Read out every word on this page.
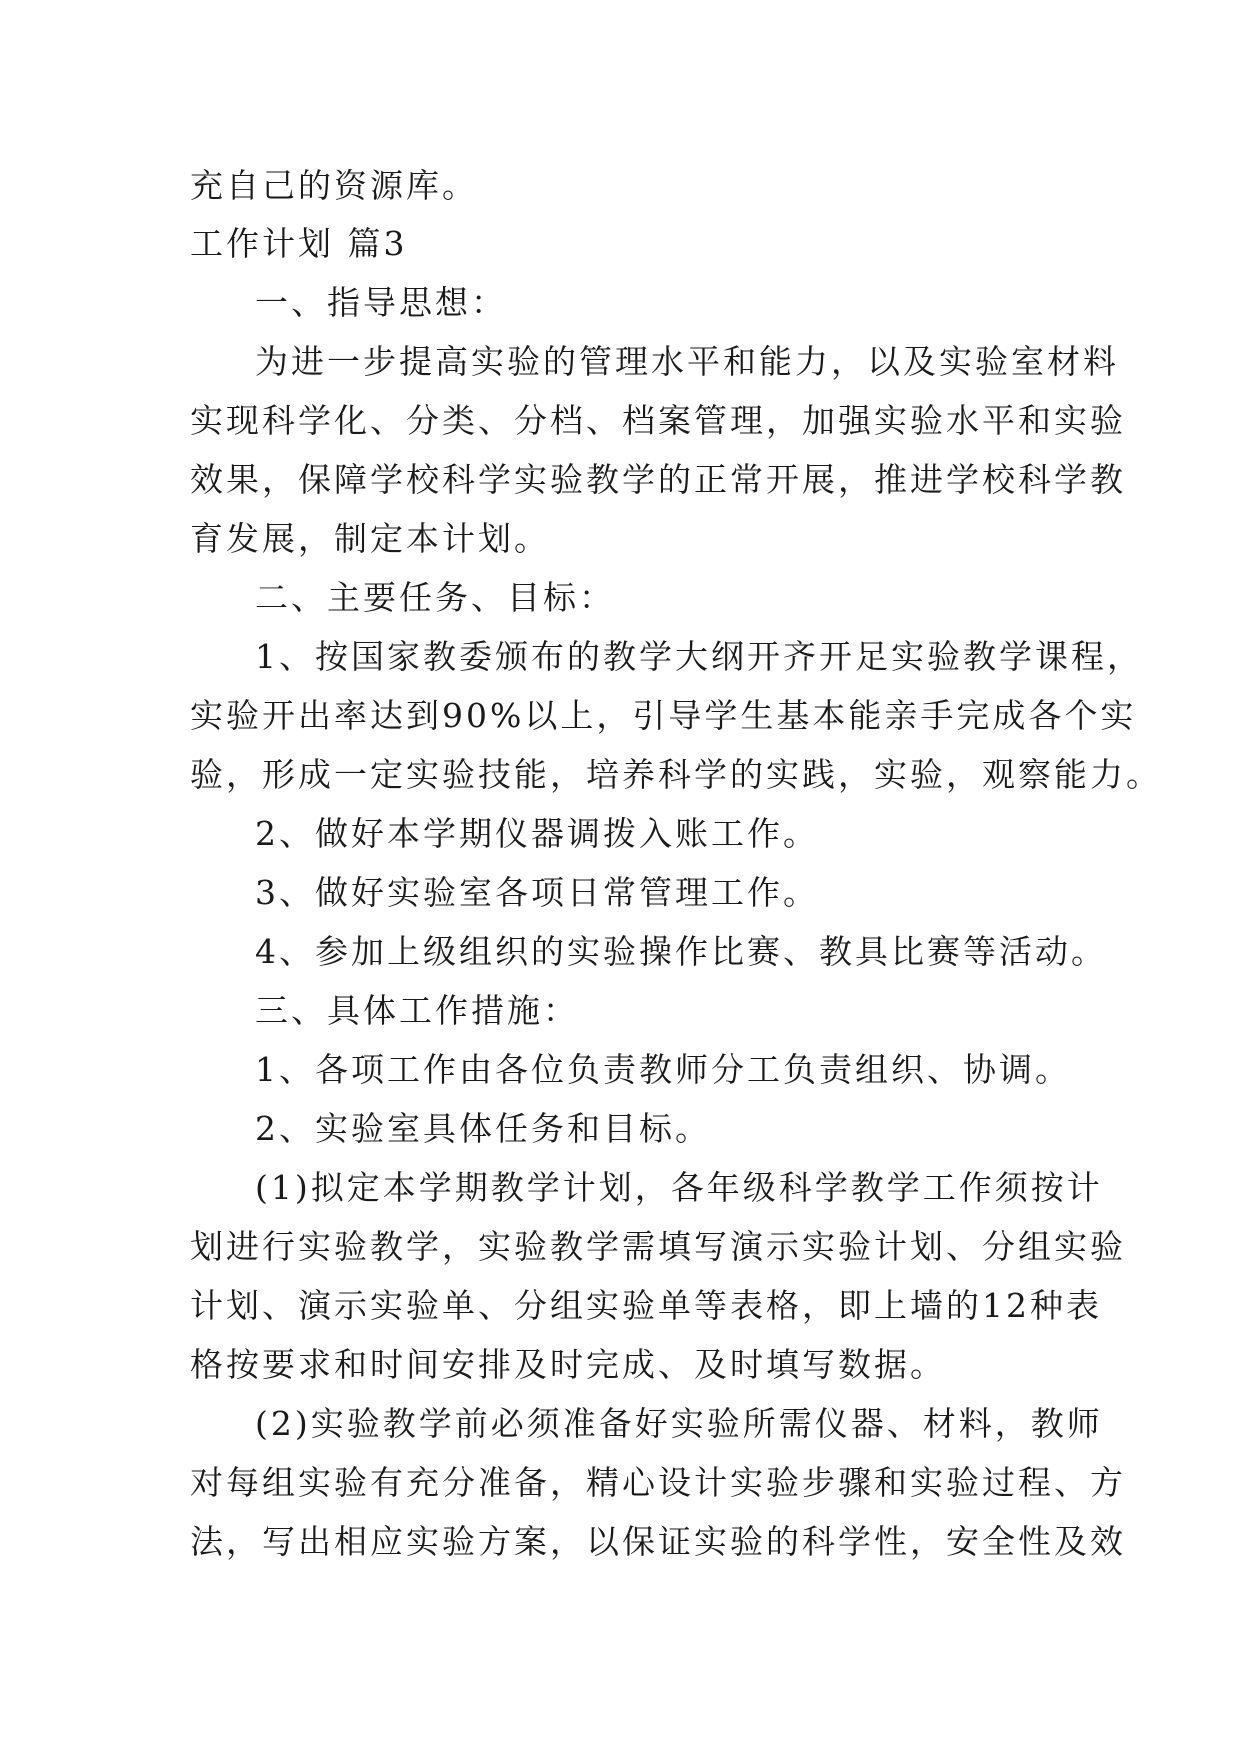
充自己的资源库。
工作计划 篇3
一、指导思想：
为进一步提高实验的管理水平和能力，以及实验室材料
实现科学化、分类、分档、档案管理，加强实验水平和实验
效果，保障学校科学实验教学的正常开展，推进学校科学教
育发展，制定本计划。
二、主要任务、目标：
1、按国家教委颁布的教学大纲开齐开足实验教学课程，
实验开出率达到90%以上，引导学生基本能亲手完成各个实
验，形成一定实验技能，培养科学的实践，实验，观察能力。
2、做好本学期仪器调拨入账工作。
3、做好实验室各项日常管理工作。
4、参加上级组织的实验操作比赛、教具比赛等活动。
三、具体工作措施：
1、各项工作由各位负责教师分工负责组织、协调。
2、实验室具体任务和目标。
(1)拟定本学期教学计划，各年级科学教学工作须按计
划进行实验教学，实验教学需填写演示实验计划、分组实验
计划、演示实验单、分组实验单等表格，即上墙的12种表
格按要求和时间安排及时完成、及时填写数据。
(2)实验教学前必须准备好实验所需仪器、材料，教师
对每组实验有充分准备，精心设计实验步骤和实验过程、方
法，写出相应实验方案，以保证实验的科学性，安全性及效
